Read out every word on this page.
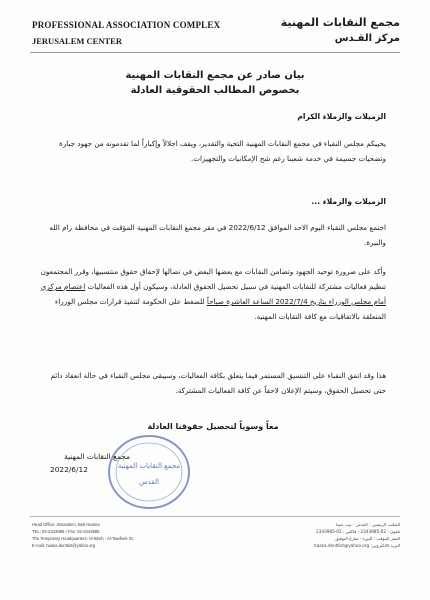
PROFESSIONAL ASSOCIATION COMPLEX
JERUSALEM CENTER
مجمع النقابات المهنية
مركز القـدس
بيان صادر عن مجمع النقابات المهنية
بخصوص المطالب الحقوقية العادلة
الزميلات والزملاء الكرام
يحييكم مجلس النقباء في مجمع النقابات المهنية التحية والتقدير، ويقف اجلالاً وإكباراً لما تقدمونه من جهود جبارة وتضحيات جسيمة في خدمة شعبنا رغم شح الإمكانيات والتجهيزات.
الزميلات والزملاء ...
اجتمع مجلس النقباء اليوم الاحد الموافق 2022/6/12 في مقر مجمع النقابات المهنية المؤقت في محافظة رام الله والبيرة.
وأكد على ضرورة توحيد الجهود وتضامن النقابات مع بعضها البعض في نضالها لإحقاق حقوق منتسبيها، وقرر المجتمعون تنظيم فعاليات مشتركة للنقابات المهنية في سبيل تحصيل الحقوق العادلة، وسيكون أول هذه الفعاليات اعتصام مركزي أمام مجلس الوزراء بتاريخ 2022/7/4 الساعة العاشرة صباحاً للضغط على الحكومة لتنفيذ قرارات مجلس الوزراء المتعلقة بالاتفاقيات مع كافة النقابات المهنية.
هذا وقد اتفق النقباء على التنسيق المستمر فيما يتعلق بكافة الفعاليات، وسيبقى مجلس النقباء في حالة انعقاد دائم حتى تحصيل الحقوق، وسيتم الإعلان لاحقاً عن كافة الفعاليات المشتركة.
معاً وسوياً لتحصيل حقوقنا العادلة
مجمع النقابات المهنية
القدس
مجمع النقابات المهنية
2022/6/12
Head Office: Jerusalem, Beit Hanina
TEL: 02-2343985 / Fax: 02-2343985
The Temporary Headquarters: Al-Bireh - Al-Tawfeek St.
E-mail: haasa.denttist@yahoo.org
المكتب الرئيسي : القدس - بيت حنينا
تلفون : 02-2343985 - فاكس : 02-2343985
المقر المؤقت : البيرة - شارع التوفيق
البريد الالكتروني: haasa.denttist@yahoo.org
